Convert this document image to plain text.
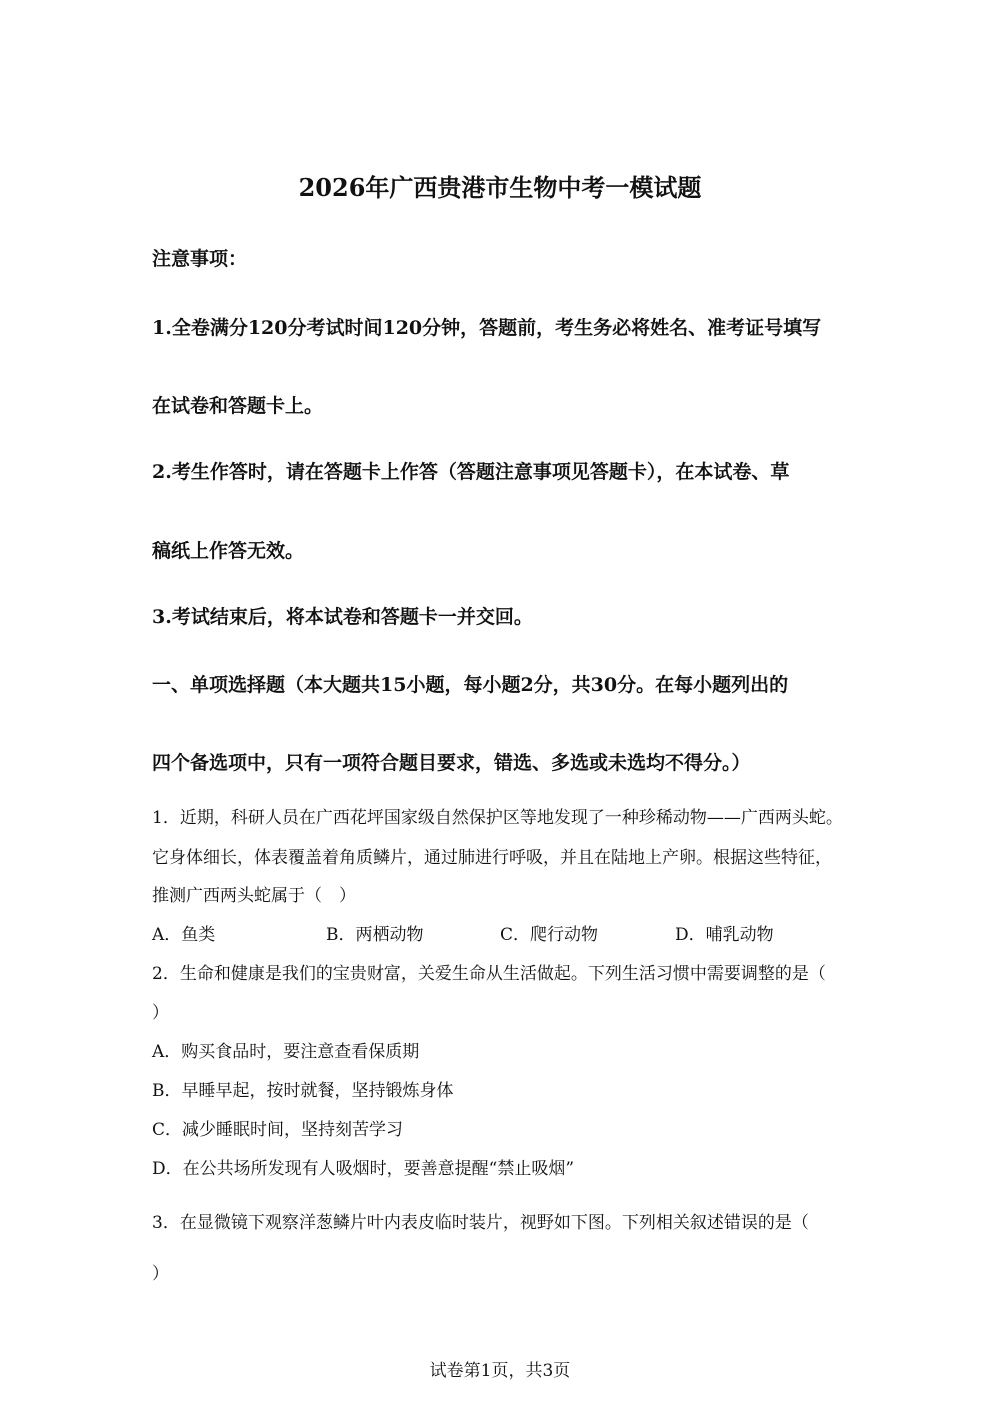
2026年广西贵港市生物中考一模试题
注意事项：
1.全卷满分120分考试时间120分钟，答题前，考生务必将姓名、准考证号填写
在试卷和答题卡上。
2.考生作答时，请在答题卡上作答（答题注意事项见答题卡），在本试卷、草
稿纸上作答无效。
3.考试结束后，将本试卷和答题卡一并交回。
一、单项选择题（本大题共15小题，每小题2分，共30分。在每小题列出的
四个备选项中，只有一项符合题目要求，错选、多选或未选均不得分。）
1．近期，科研人员在广西花坪国家级自然保护区等地发现了一种珍稀动物——广西两头蛇。
它身体细长，体表覆盖着角质鳞片，通过肺进行呼吸，并且在陆地上产卵。根据这些特征，
推测广西两头蛇属于（　）
A．鱼类	B．两栖动物	C．爬行动物	D．哺乳动物
2．生命和健康是我们的宝贵财富，关爱生命从生活做起。下列生活习惯中需要调整的是（
）
A．购买食品时，要注意查看保质期
B．早睡早起，按时就餐，坚持锻炼身体
C．减少睡眠时间，坚持刻苦学习
D．在公共场所发现有人吸烟时，要善意提醒“禁止吸烟”
3．在显微镜下观察洋葱鳞片叶内表皮临时装片，视野如下图。下列相关叙述错误的是（
）
试卷第1页，共3页
